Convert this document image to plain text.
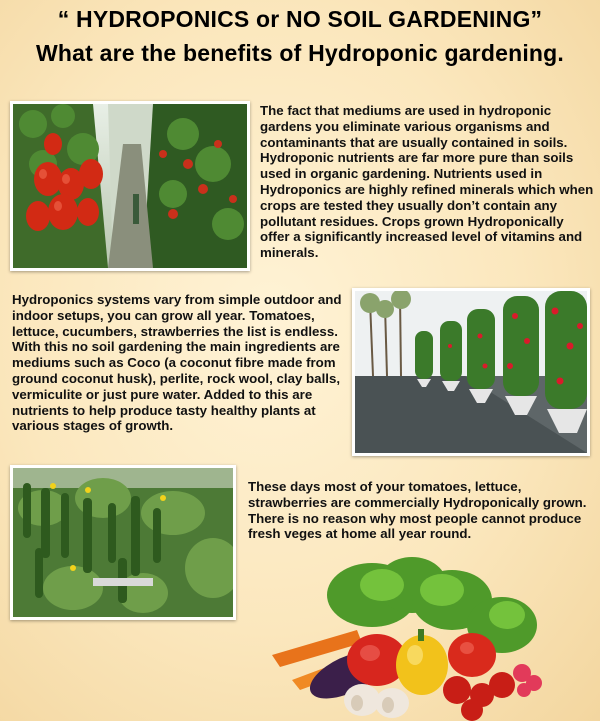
“ HYDROPONICS or NO SOIL GARDENING”
What are the benefits of Hydroponic gardening.
The fact that mediums are used in hydroponic gardens you eliminate various organisms and contaminants that are usually contained in soils. Hydroponic nutrients are far more pure than soils used in organic gardening. Nutrients used in Hydroponics are highly refined minerals which when crops are tested they usually don’t contain any pollutant residues. Crops grown Hydroponically offer a significantly increased level of vitamins and minerals.
Hydroponics systems vary from simple outdoor and indoor setups, you can grow all year. Tomatoes, lettuce, cucumbers, strawberries the list is endless. With this no soil gardening the main ingredients are mediums such as Coco (a coconut fibre made from ground coconut husk), perlite, rock wool, clay balls, vermiculite or just pure water. Added to this are nutrients to help produce tasty healthy plants at various stages of growth.
These days most of your tomatoes, lettuce, strawberries are commercially Hydroponically grown. There is no reason why most people cannot produce fresh veges at home all year round.
